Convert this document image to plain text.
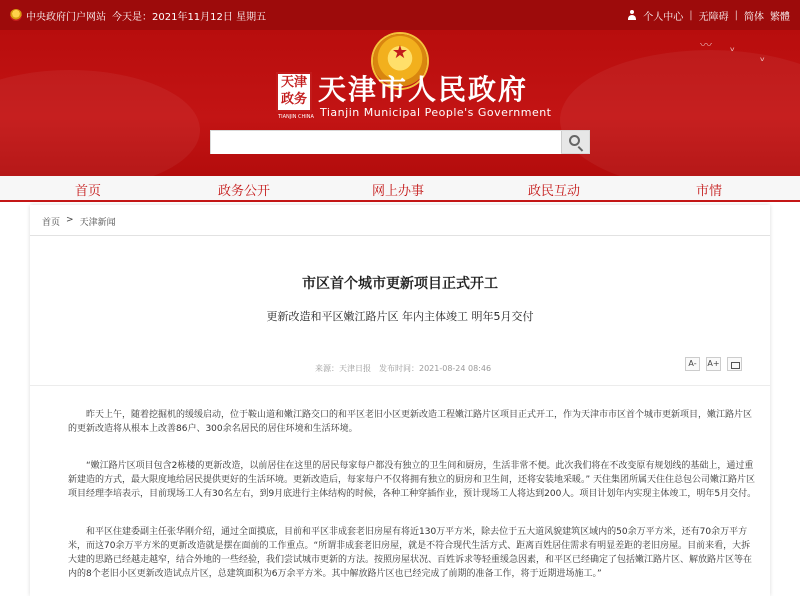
中央政府门户网站 今天是：2021年11月12日 星期五	个人中心 | 无障碍 | 简体 繁體
〰 ᵛ
ᵛ
★
天津
政务
TIANJIN CHINA
天津市人民政府
Tianjin Municipal People's Government
首页	政务公开	网上办事	政民互动	市情
首页 > 天津新闻
市区首个城市更新项目正式开工
更新改造和平区嫩江路片区 年内主体竣工 明年5月交付
来源：天津日报 发布时间：2021-08-24 08:46
A-	A+

昨天上午，随着挖掘机的缓缓启动，位于鞍山道和嫩江路交口的和平区老旧小区更新改造工程嫩江路片区项目正式开工，作为天津市市区首个城市更新项目，嫩江路片区的更新改造将从根本上改善86户、300余名居民的居住环境和生活环境。

“嫩江路片区项目包含2栋楼的更新改造，以前居住在这里的居民每家每户都没有独立的卫生间和厨房，生活非常不便。此次我们将在不改变原有规划线的基础上，通过重新建造的方式，最大限度地给居民提供更好的生活环境。更新改造后，每家每户不仅将拥有独立的厨房和卫生间，还将安装地采暖。” 天住集团所属天住住总包公司嫩江路片区项目经理李培表示，目前现场工人有30名左右，到9月底进行主体结构的时候，各种工种穿插作业，预计现场工人将达到200人。项目计划年内实现主体竣工，明年5月交付。

和平区住建委副主任张华刚介绍，通过全面摸底，目前和平区非成套老旧房屋有将近130万平方米，除去位于五大道风貌建筑区域内的50余万平方米，还有70余万平方米，而这70余万平方米的更新改造就是摆在面前的工作重点。“所谓非成套老旧房屋，就是不符合现代生活方式、距离百姓居住需求有明显差距的老旧房屋。目前来看，大拆大建的思路已经越走越窄，结合外地的一些经验，我们尝试城市更新的方法。按照房屋状况、百姓诉求等轻重缓急因素，和平区已经确定了包括嫩江路片区、解放路片区等在内的8个老旧小区更新改造试点片区，总建筑面积为6万余平方米。其中解放路片区也已经完成了前期的准备工作，将于近期进场施工。”
